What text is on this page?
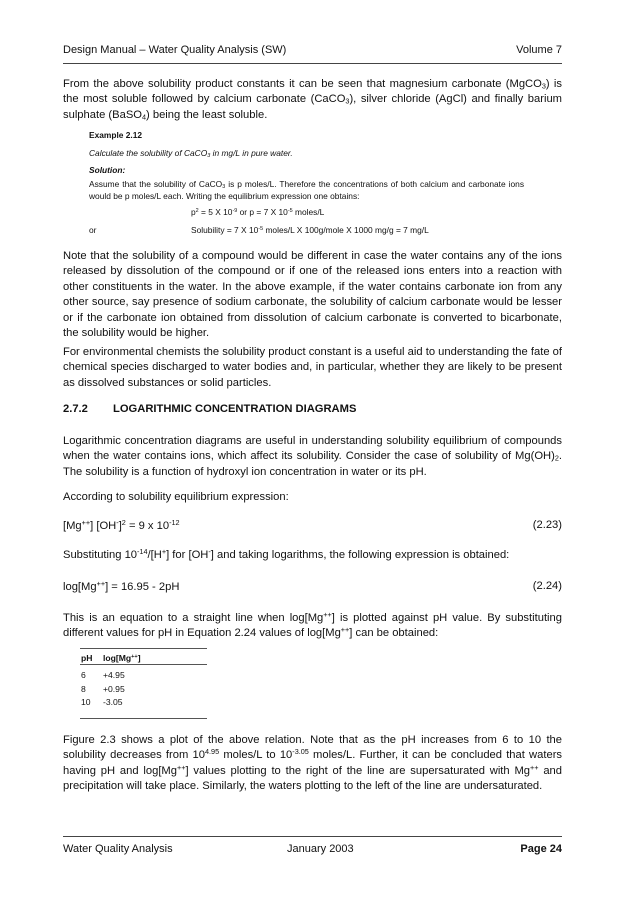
Design Manual – Water Quality Analysis (SW)	Volume 7
From the above solubility product constants it can be seen that magnesium carbonate (MgCO$_3$) is the most soluble followed by calcium carbonate (CaCO$_3$), silver chloride (AgCl) and finally barium sulphate (BaSO$_4$) being the least soluble.
Example 2.12
Calculate the solubility of CaCO$_3$ in mg/L in pure water.
Solution:
Assume that the solubility of CaCO$_3$ is p moles/L. Therefore the concentrations of both calcium and carbonate ions would be p moles/L each. Writing the equilibrium expression one obtains:
$p^2 = 5$ X $10^{-9}$ or p = 7 X $10^{-5}$ moles/L
or	Solubility = 7 X $10^{-5}$ moles/L X 100g/mole X 1000 mg/g = 7 mg/L
Note that the solubility of a compound would be different in case the water contains any of the ions released by dissolution of the compound or if one of the released ions enters into a reaction with other constituents in the water. In the above example, if the water contains carbonate ion from any other source, say presence of sodium carbonate, the solubility of calcium carbonate would be lesser or if the carbonate ion obtained from dissolution of calcium carbonate is converted to bicarbonate, the solubility would be higher.
For environmental chemists the solubility product constant is a useful aid to understanding the fate of chemical species discharged to water bodies and, in particular, whether they are likely to be present as dissolved substances or solid particles.
2.7.2 LOGARITHMIC CONCENTRATION DIAGRAMS
Logarithmic concentration diagrams are useful in understanding solubility equilibrium of compounds when the water contains ions, which affect its solubility. Consider the case of solubility of $Mg(OH)_2$. The solubility is a function of hydroxyl ion concentration in water or its pH.
According to solubility equilibrium expression:
[Mg++] $[OH^-]^2 = 9$ x $10^{-12}$	(2.23)
Substituting $10^{-14}/[H^+]$ for [OH-] and taking logarithms, the following expression is obtained:
log[Mg++] = 16.95 - 2pH	(2.24)
This is an equation to a straight line when log[Mg++] is plotted against pH value. By substituting different values for pH in Equation 2.24 values of log[Mg++] can be obtained:
pH log[Mg++]
6 +4.95
8 +0.95
10 -3.05
Figure 2.3 shows a plot of the above relation. Note that as the pH increases from 6 to 10 the solubility decreases from $10^{4.95}$ moles/L to $10^{-3.05}$ moles/L. Further, it can be concluded that waters having pH and log[Mg++] values plotting to the right of the line are supersaturated with Mg++ and precipitation will take place. Similarly, the waters plotting to the left of the line are undersaturated.
Water Quality Analysis	January 2003	Page 24
